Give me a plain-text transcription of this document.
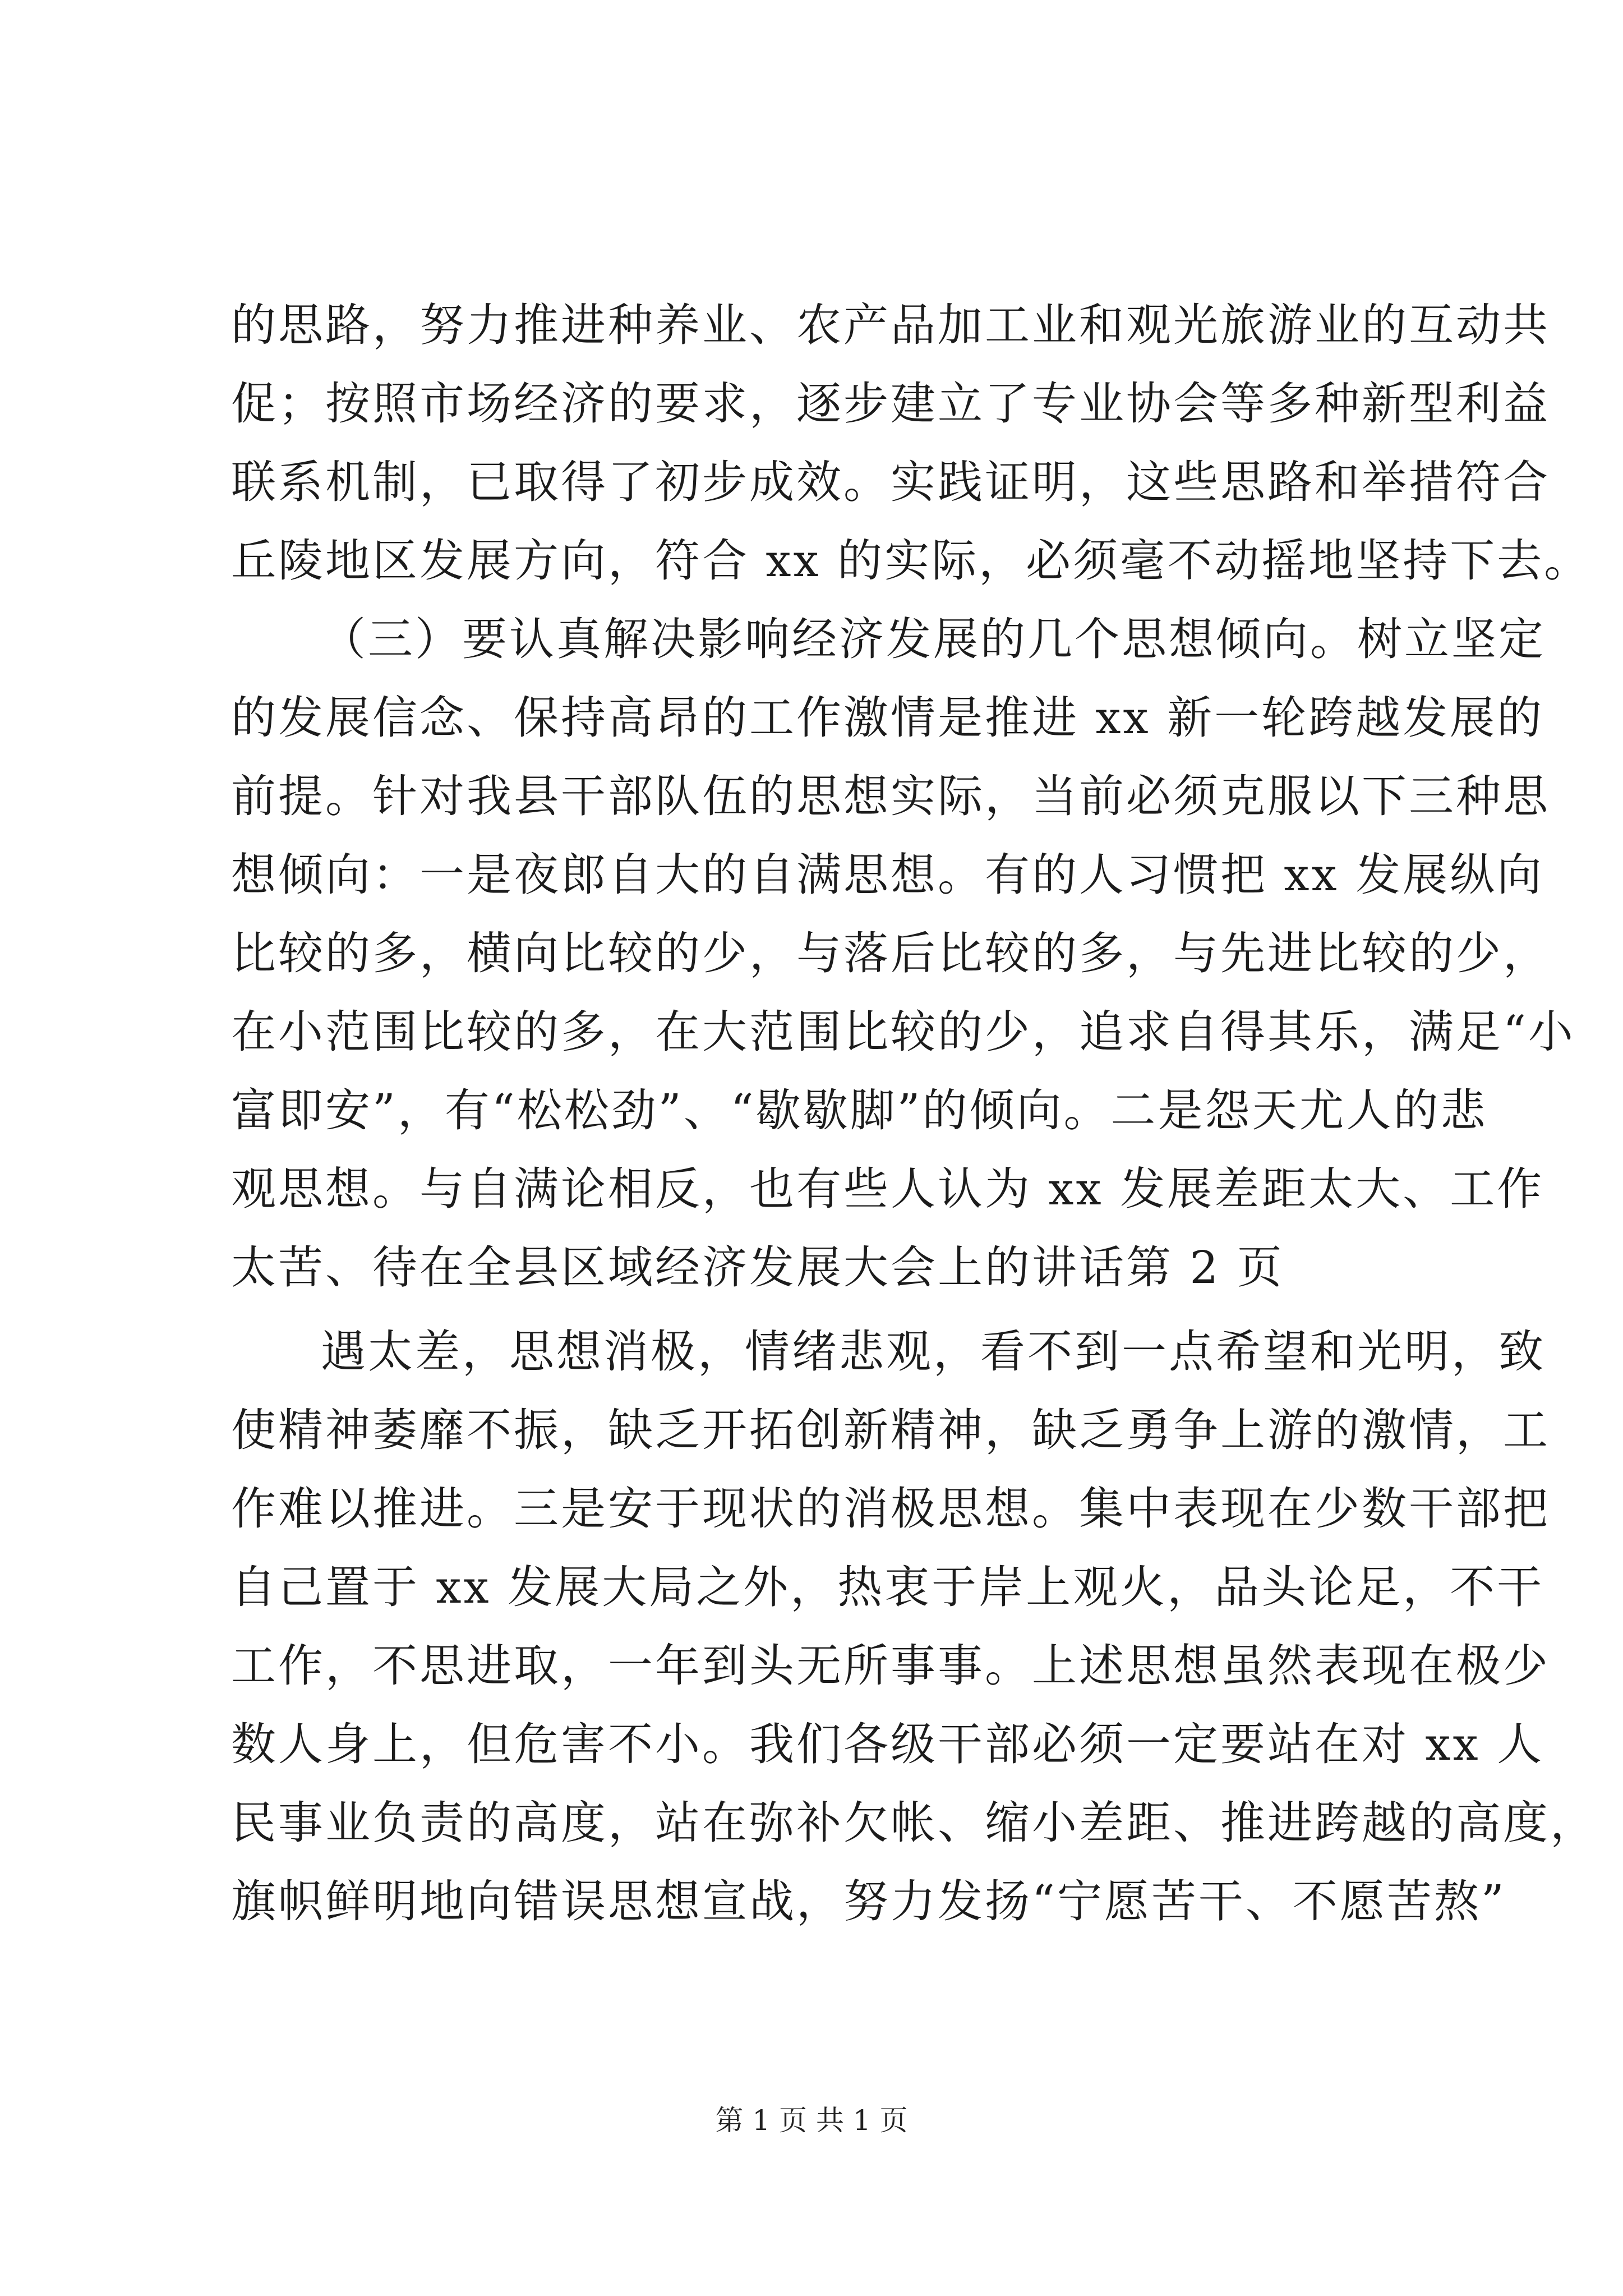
的思路，努力推进种养业、农产品加工业和观光旅游业的互动共
促；按照市场经济的要求，逐步建立了专业协会等多种新型利益
联系机制，已取得了初步成效。实践证明，这些思路和举措符合
丘陵地区发展方向，符合 xx 的实际，必须毫不动摇地坚持下去。
（三）要认真解决影响经济发展的几个思想倾向。树立坚定
的发展信念、保持高昂的工作激情是推进 xx 新一轮跨越发展的
前提。针对我县干部队伍的思想实际，当前必须克服以下三种思
想倾向：一是夜郎自大的自满思想。有的人习惯把 xx 发展纵向
比较的多，横向比较的少，与落后比较的多，与先进比较的少，
在小范围比较的多，在大范围比较的少，追求自得其乐，满足“小
富即安”，有“松松劲”、“歇歇脚”的倾向。二是怨天尤人的悲
观思想。与自满论相反，也有些人认为 xx 发展差距太大、工作
太苦、待在全县区域经济发展大会上的讲话第 2 页
遇太差，思想消极，情绪悲观，看不到一点希望和光明，致
使精神萎靡不振，缺乏开拓创新精神，缺乏勇争上游的激情，工
作难以推进。三是安于现状的消极思想。集中表现在少数干部把
自己置于 xx 发展大局之外，热衷于岸上观火，品头论足，不干
工作，不思进取，一年到头无所事事。上述思想虽然表现在极少
数人身上，但危害不小。我们各级干部必须一定要站在对 xx 人
民事业负责的高度，站在弥补欠帐、缩小差距、推进跨越的高度，
旗帜鲜明地向错误思想宣战，努力发扬“宁愿苦干、不愿苦熬”
第 1 页 共 1 页
